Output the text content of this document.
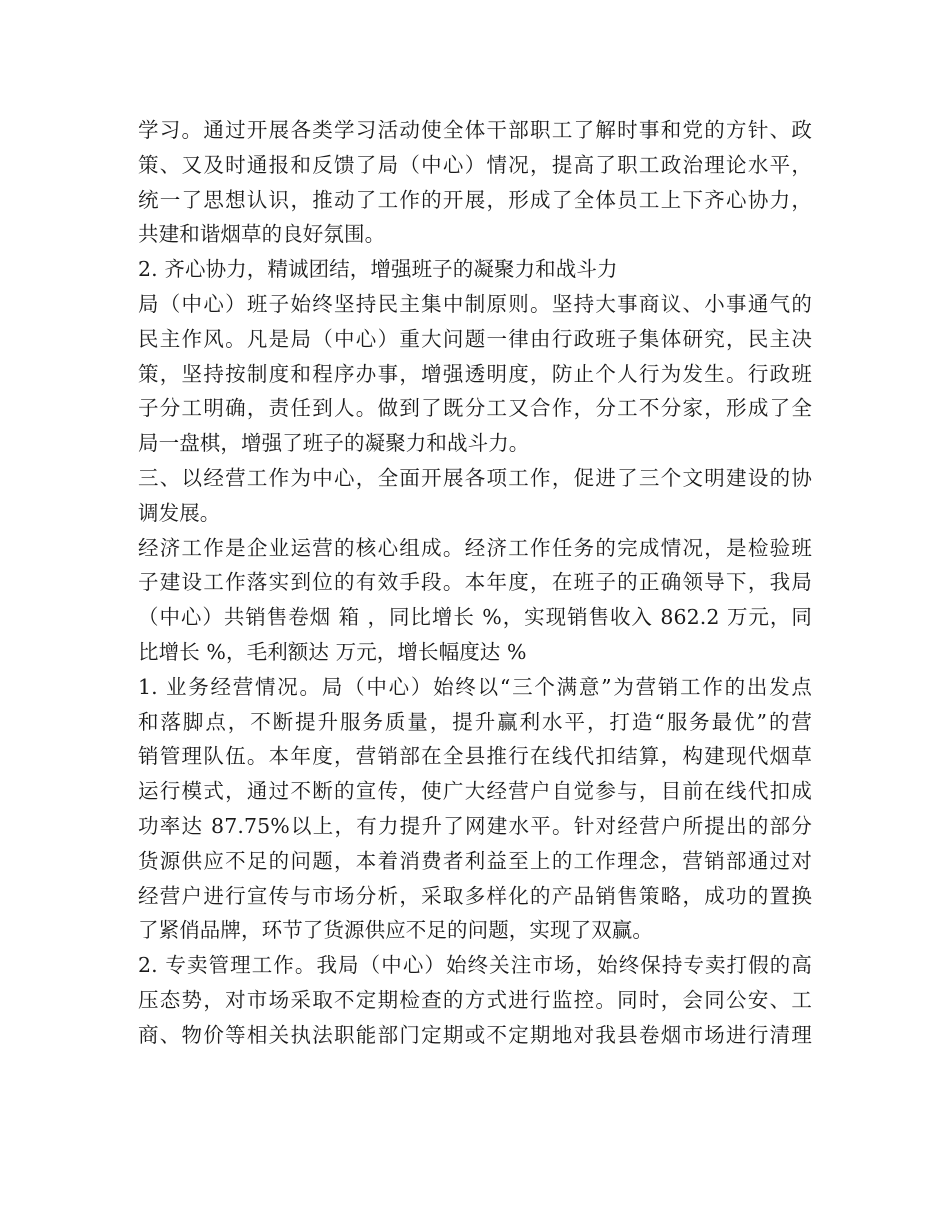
学习。通过开展各类学习活动使全体干部职工了解时事和党的方针、政
策、又及时通报和反馈了局（中心）情况，提高了职工政治理论水平，
统一了思想认识，推动了工作的开展，形成了全体员工上下齐心协力，
共建和谐烟草的良好氛围。
2. 齐心协力，精诚团结，增强班子的凝聚力和战斗力
局（中心）班子始终坚持民主集中制原则。坚持大事商议、小事通气的
民主作风。凡是局（中心）重大问题一律由行政班子集体研究，民主决
策，坚持按制度和程序办事，增强透明度，防止个人行为发生。行政班
子分工明确，责任到人。做到了既分工又合作，分工不分家，形成了全
局一盘棋，增强了班子的凝聚力和战斗力。
三、以经营工作为中心，全面开展各项工作，促进了三个文明建设的协
调发展。
经济工作是企业运营的核心组成。经济工作任务的完成情况，是检验班
子建设工作落实到位的有效手段。本年度，在班子的正确领导下，我局
（中心）共销售卷烟 箱 ，同比增长 %，实现销售收入 862.2 万元，同
比增长 %，毛利额达 万元，增长幅度达 %
1. 业务经营情况。局（中心）始终以“三个满意”为营销工作的出发点
和落脚点，不断提升服务质量，提升赢利水平，打造“服务最优”的营
销管理队伍。本年度，营销部在全县推行在线代扣结算，构建现代烟草
运行模式，通过不断的宣传，使广大经营户自觉参与，目前在线代扣成
功率达 87.75%以上，有力提升了网建水平。针对经营户所提出的部分
货源供应不足的问题，本着消费者利益至上的工作理念，营销部通过对
经营户进行宣传与市场分析，采取多样化的产品销售策略，成功的置换
了紧俏品牌，环节了货源供应不足的问题，实现了双赢。
2. 专卖管理工作。我局（中心）始终关注市场，始终保持专卖打假的高
压态势，对市场采取不定期检查的方式进行监控。同时，会同公安、工
商、物价等相关执法职能部门定期或不定期地对我县卷烟市场进行清理
